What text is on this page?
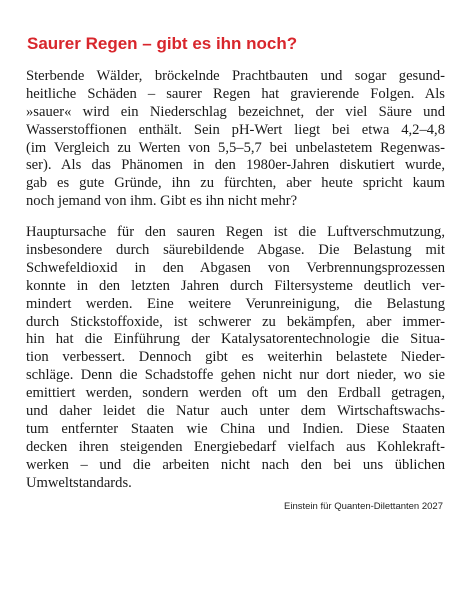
Saurer Regen – gibt es ihn noch?

Sterbende Wälder, bröckelnde Prachtbauten und sogar gesund-
heitliche Schäden – saurer Regen hat gravierende Folgen. Als
»sauer« wird ein Niederschlag bezeichnet, der viel Säure und
Wasserstoffionen enthält. Sein pH-Wert liegt bei etwa 4,2–4,8
(im Vergleich zu Werten von 5,5–5,7 bei unbelastetem Regenwas-
ser). Als das Phänomen in den 1980er-Jahren diskutiert wurde,
gab es gute Gründe, ihn zu fürchten, aber heute spricht kaum
noch jemand von ihm. Gibt es ihn nicht mehr?

Hauptursache für den sauren Regen ist die Luftverschmutzung,
insbesondere durch säurebildende Abgase. Die Belastung mit
Schwefeldioxid in den Abgasen von Verbrennungsprozessen
konnte in den letzten Jahren durch Filtersysteme deutlich ver-
mindert werden. Eine weitere Verunreinigung, die Belastung
durch Stickstoffoxide, ist schwerer zu bekämpfen, aber immer-
hin hat die Einführung der Katalysatorentechnologie die Situa-
tion verbessert. Dennoch gibt es weiterhin belastete Nieder-
schläge. Denn die Schadstoffe gehen nicht nur dort nieder, wo sie
emittiert werden, sondern werden oft um den Erdball getragen,
und daher leidet die Natur auch unter dem Wirtschaftswachs-
tum entfernter Staaten wie China und Indien. Diese Staaten
decken ihren steigenden Energiebedarf vielfach aus Kohlekraft-
werken – und die arbeiten nicht nach den bei uns üblichen
Umweltstandards.

Einstein für Quanten-Dilettanten 2027
